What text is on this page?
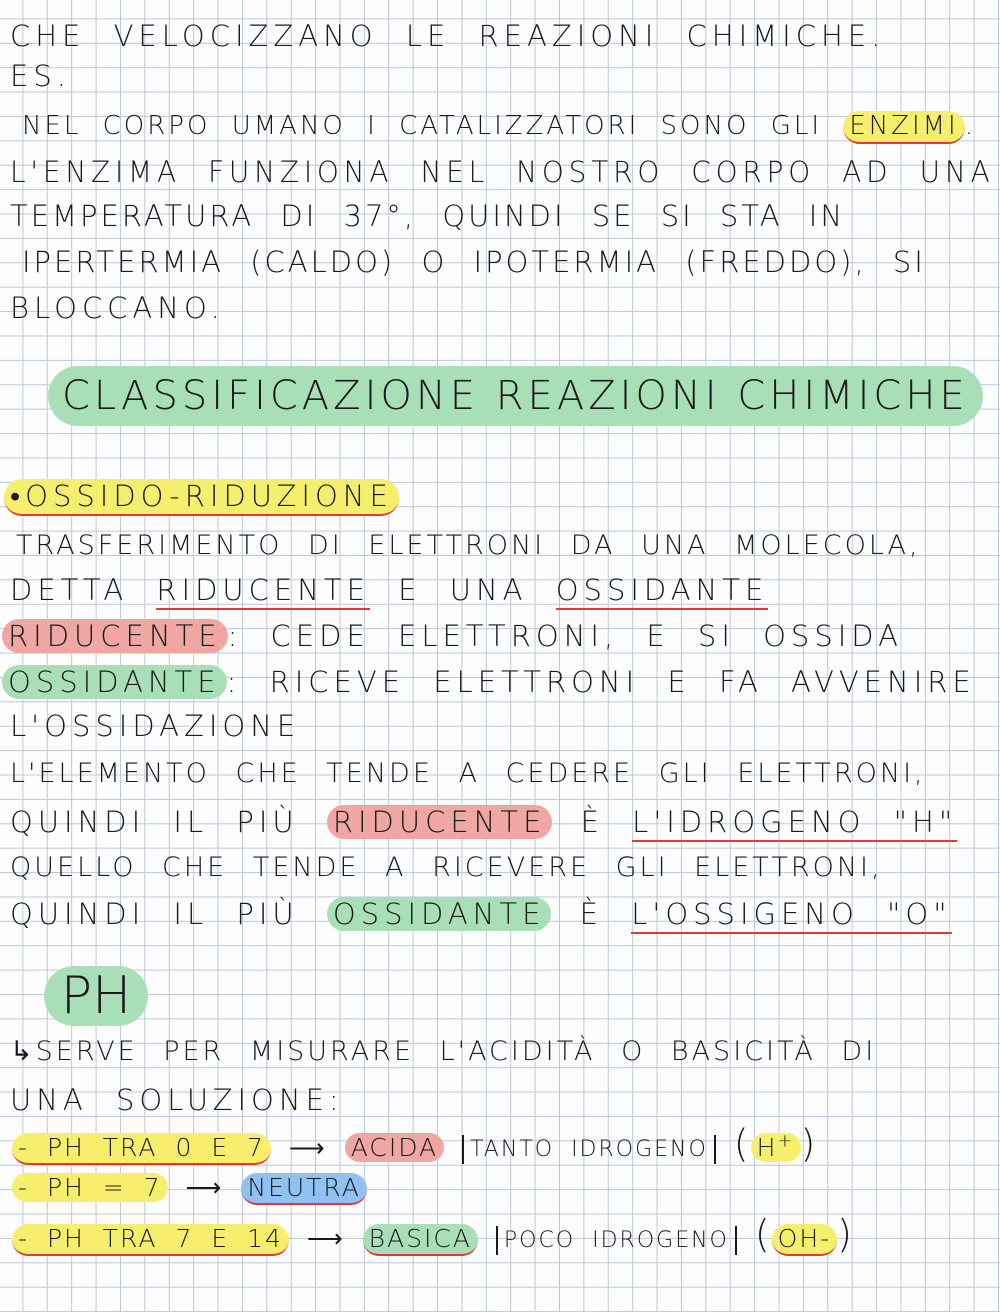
CHE VELOCIZZANO LE REAZIONI CHIMICHE.
ES.
NEL CORPO UMANO I CATALIZZATORI SONO GLI ENZIMI .
L'ENZIMA FUNZIONA NEL NOSTRO CORPO AD UNA
TEMPERATURA DI 37°, QUINDI SE SI STA IN
IPERTERMIA (CALDO) O IPOTERMIA (FREDDO), SI
BLOCCANO.
CLASSIFICAZIONE REAZIONI CHIMICHE
•OSSIDO-RIDUZIONE
TRASFERIMENTO DI ELETTRONI DA UNA MOLECOLA,
DETTA RIDUCENTE E UNA OSSIDANTE
RIDUCENTE : CEDE ELETTRONI, E SI OSSIDA
OSSIDANTE : RICEVE ELETTRONI E FA AVVENIRE
L'OSSIDAZIONE
L'ELEMENTO CHE TENDE A CEDERE GLI ELETTRONI,
QUINDI IL PIÙ RIDUCENTE È L'IDROGENO "H"
QUELLO CHE TENDE A RICEVERE GLI ELETTRONI,
QUINDI IL PIÙ OSSIDANTE È L'OSSIGENO "O"
PH
↳SERVE PER MISURARE L'ACIDITÀ O BASICITÀ DI
UNA SOLUZIONE:
- PH TRA 0 E 7 ⟶ ACIDA TANTO IDROGENO ( H+ )
- PH = 7 ⟶ NEUTRA
- PH TRA 7 E 14 ⟶ BASICA POCO IDROGENO ( OH- )
